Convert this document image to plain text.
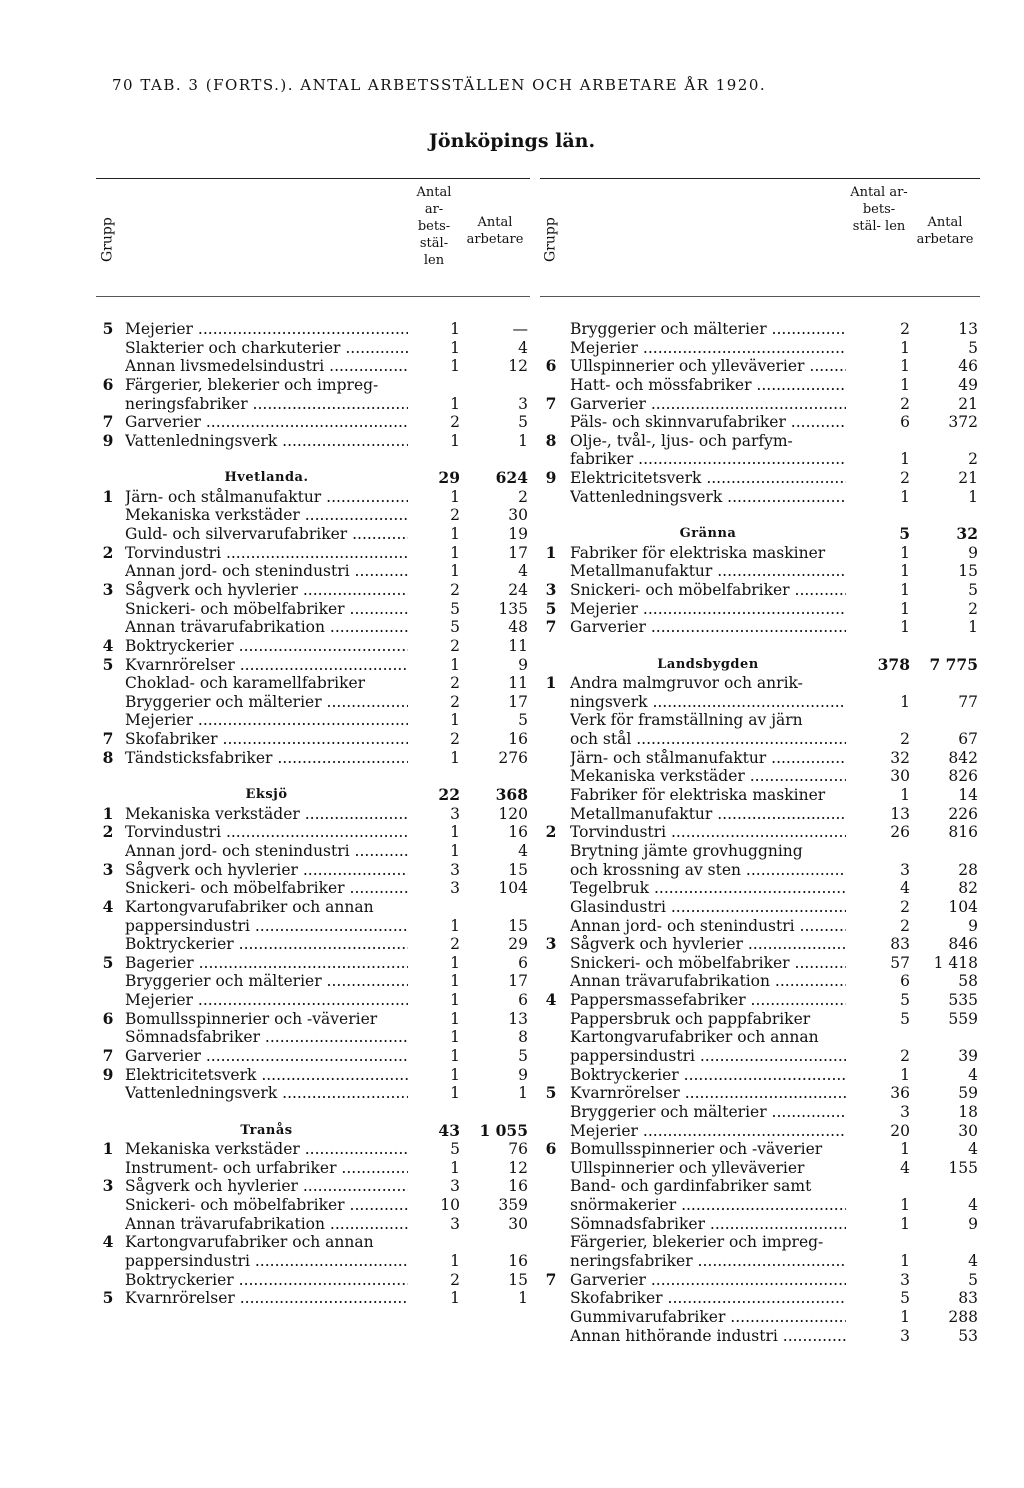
70 TAB. 3 (FORTS.). ANTAL ARBETSSTÄLLEN OCH ARBETARE ÅR 1920.
Jönköpings län.
Grupp
Antal ar- bets- stäl- len
Antal arbetare
5 Mejerier .....	1	—
Slakterier och charkuterier .....	1	4
Annan livsmedelsindustri .....	1	12
6 Färgerier, blekerier och impreg-
neringsfabriker .....	1	3
7 Garverier .....	2	5
9 Vattenledningsverk .....	1	1
Hvetlanda.	29	624
1 Järn- och stålmanufaktur .....	1	2
Mekaniska verkstäder .....	2	30
Guld- och silvervarufabriker .....	1	19
2 Torvindustri .....	1	17
Annan jord- och stenindustri .....	1	4
3 Sågverk och hyvlerier .....	2	24
Snickeri- och möbelfabriker .....	5	135
Annan trävarufabrikation .....	5	48
4 Boktryckerier .....	2	11
5 Kvarnrörelser .....	1	9
Choklad- och karamellfabriker	2	11
Bryggerier och mälterier .....	2	17
Mejerier .....	1	5
7 Skofabriker .....	2	16
8 Tändsticksfabriker .....	1	276
Eksjö	22	368
1 Mekaniska verkstäder .....	3	120
2 Torvindustri .....	1	16
Annan jord- och stenindustri .....	1	4
3 Sågverk och hyvlerier .....	3	15
Snickeri- och möbelfabriker .....	3	104
4 Kartongvarufabriker och annan
pappersindustri .....	1	15
Boktryckerier .....	2	29
5 Bagerier .....	1	6
Bryggerier och mälterier .....	1	17
Mejerier .....	1	6
6 Bomullsspinnerier och -väverier	1	13
Sömnadsfabriker .....	1	8
7 Garverier .....	1	5
9 Elektricitetsverk .....	1	9
Vattenledningsverk .....	1	1
Tranås	43	1 055
1 Mekaniska verkstäder .....	5	76
Instrument- och urfabriker .....	1	12
3 Sågverk och hyvlerier .....	3	16
Snickeri- och möbelfabriker .....	10	359
Annan trävarufabrikation .....	3	30
4 Kartongvarufabriker och annan
pappersindustri .....	1	16
Boktryckerier .....	2	15
5 Kvarnrörelser .....	1	1
Grupp
Antal ar- bets- stäl- len	Antal arbetare
Bryggerier och mälterier .....	2	13
Mejerier .....	1	5
6 Ullspinnerier och ylleväverier .....	1	46
Hatt- och mössfabriker .....	1	49
7 Garverier .....	2	21
Päls- och skinnvarufabriker .....	6	372
8 Olje-, tvål-, ljus- och parfym-
fabriker .....	1	2
9 Elektricitetsverk .....	2	21
Vattenledningsverk .....	1	1
Gränna	5	32
1 Fabriker för elektriska maskiner	1	9
Metallmanufaktur .....	1	15
3 Snickeri- och möbelfabriker .....	1	5
5 Mejerier .....	1	2
7 Garverier .....	1	1
Landsbygden	378	7 775
1 Andra malmgruvor och anrik-
ningsverk .....	1	77
Verk för framställning av järn
och stål .....	2	67
Järn- och stålmanufaktur .....	32	842
Mekaniska verkstäder .....	30	826
Fabriker för elektriska maskiner	1	14
Metallmanufaktur .....	13	226
2 Torvindustri .....	26	816
Brytning jämte grovhuggning
och krossning av sten .....	3	28
Tegelbruk .....	4	82
Glasindustri .....	2	104
Annan jord- och stenindustri .....	2	9
3 Sågverk och hyvlerier .....	83	846
Snickeri- och möbelfabriker .....	57	1 418
Annan trävarufabrikation .....	6	58
4 Pappersmassefabriker .....	5	535
Pappersbruk och pappfabriker	5	559
Kartongvarufabriker och annan
pappersindustri .....	2	39
Boktryckerier .....	1	4
5 Kvarnrörelser .....	36	59
Bryggerier och mälterier .....	3	18
Mejerier .....	20	30
6 Bomullsspinnerier och -väverier	1	4
Ullspinnerier och ylleväverier	4	155
Band- och gardinfabriker samt
snörmakerier .....	1	4
Sömnadsfabriker .....	1	9
Färgerier, blekerier och impreg-
neringsfabriker .....	1	4
7 Garverier .....	3	5
Skofabriker .....	5	83
Gummivarufabriker .....	1	288
Annan hithörande industri .....	3	53
